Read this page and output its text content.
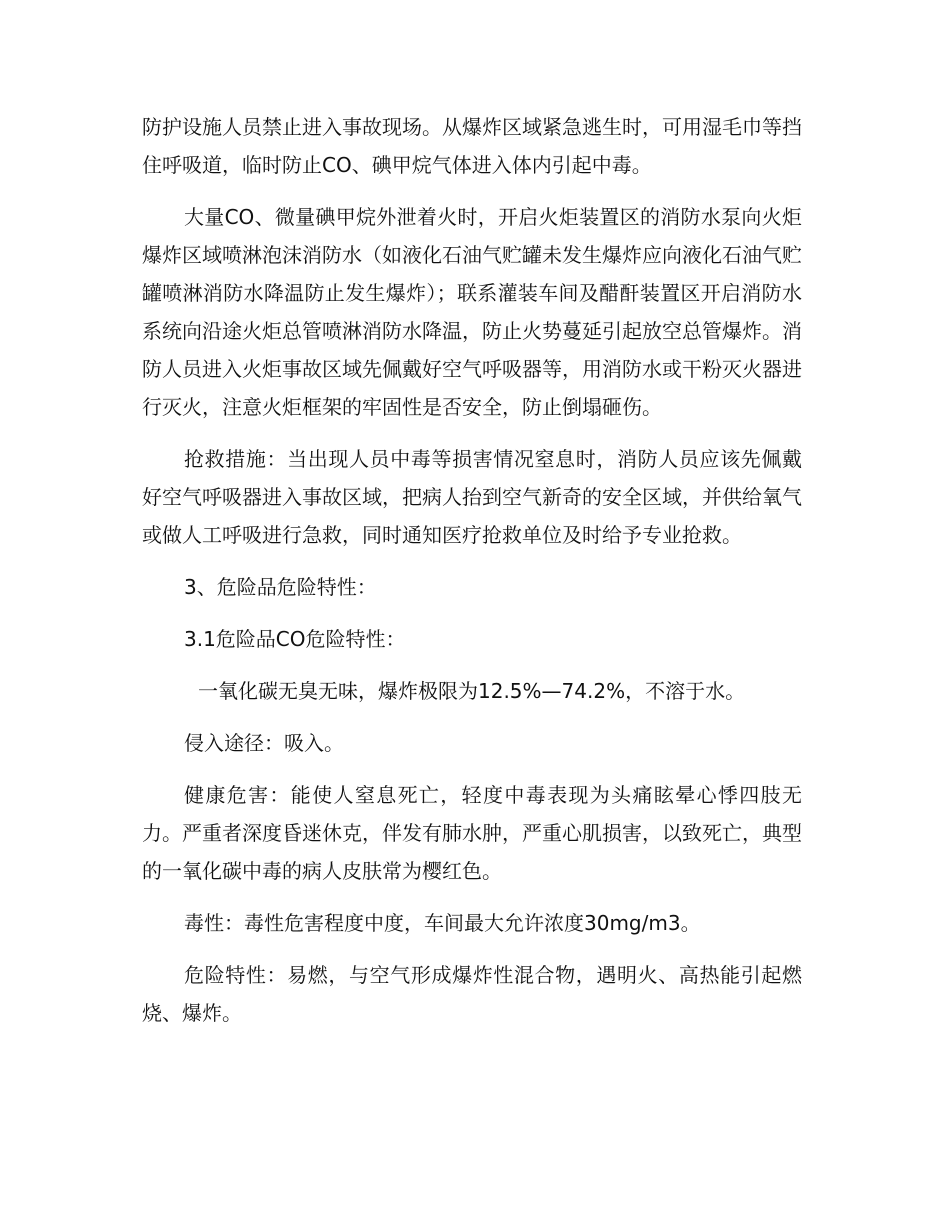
防护设施人员禁止进入事故现场。从爆炸区域紧急逃生时，可用湿毛巾等挡住呼吸道，临时防止CO、碘甲烷气体进入体内引起中毒。

大量CO、微量碘甲烷外泄着火时，开启火炬装置区的消防水泵向火炬爆炸区域喷淋泡沫消防水（如液化石油气贮罐未发生爆炸应向液化石油气贮罐喷淋消防水降温防止发生爆炸）；联系灌装车间及醋酐装置区开启消防水系统向沿途火炬总管喷淋消防水降温，防止火势蔓延引起放空总管爆炸。消防人员进入火炬事故区域先佩戴好空气呼吸器等，用消防水或干粉灭火器进行灭火，注意火炬框架的牢固性是否安全，防止倒塌砸伤。

抢救措施：当出现人员中毒等损害情况窒息时，消防人员应该先佩戴好空气呼吸器进入事故区域，把病人抬到空气新奇的安全区域，并供给氧气或做人工呼吸进行急救，同时通知医疗抢救单位及时给予专业抢救。

3、危险品危险特性：

3.1危险品CO危险特性：

一氧化碳无臭无味，爆炸极限为12.5%—74.2%，不溶于水。

侵入途径：吸入。

健康危害：能使人窒息死亡，轻度中毒表现为头痛眩晕心悸四肢无力。严重者深度昏迷休克，伴发有肺水肿，严重心肌损害，以致死亡，典型的一氧化碳中毒的病人皮肤常为樱红色。

毒性：毒性危害程度中度，车间最大允许浓度30mg/m3。

危险特性：易燃，与空气形成爆炸性混合物，遇明火、高热能引起燃烧、爆炸。
